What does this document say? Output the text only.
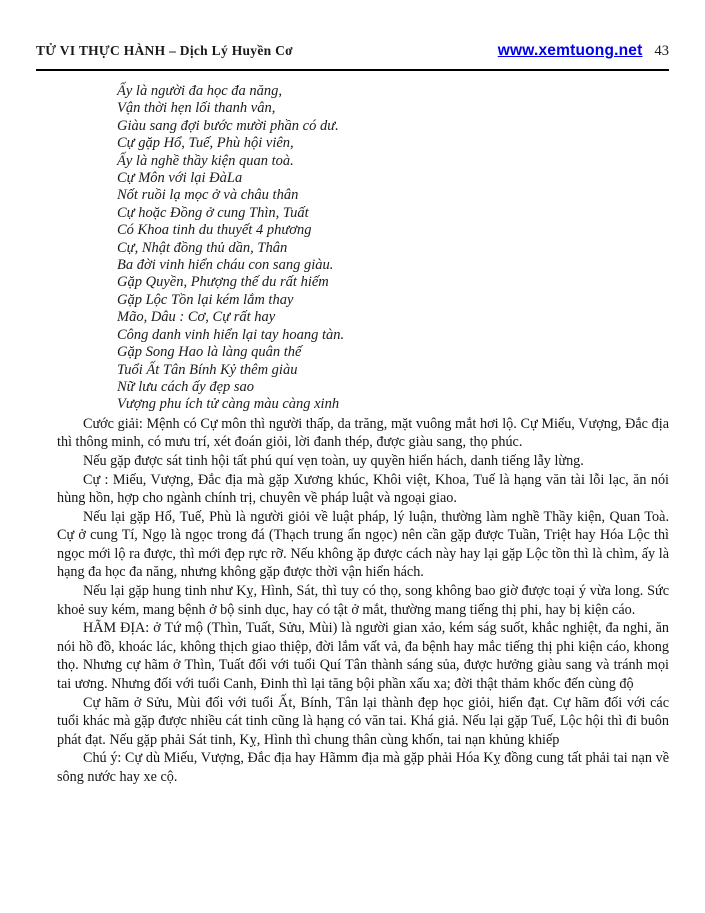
TỬ VI THỰC HÀNH – Dịch Lý Huyền Cơ	www.xemtuong.net 43
Ấy là người đa học đa năng,
Vận thời hẹn lối thanh vân,
Giàu sang đợi bước mười phần có dư.
Cự gặp Hổ, Tuế, Phù hội viên,
Ấy là nghề thầy kiện quan toà.
Cự Môn với lại ĐàLa
Nốt ruồi lạ mọc ở và châu thân
Cự hoặc Đồng ở cung Thìn, Tuất
Có Khoa tinh du thuyết 4 phương
Cự, Nhật đồng thủ dần, Thân
Ba đời vinh hiển cháu con sang giàu.
Gặp Quyền, Phượng thế du rất hiếm
Gặp Lộc Tồn lại kém lắm thay
Mão, Dâu : Cơ, Cự rất hay
Công danh vinh hiển lại tay hoang tàn.
Gặp Song Hao là làng quân thế
Tuổi Ất Tân Bính Kỷ thêm giàu
Nữ lưu cách ấy đẹp sao
Vượng phu ích tử càng màu càng xinh

Cước giải: Mệnh có Cự môn thì người thấp, da trăng, mặt vuông mắt hơi lộ. Cự Miếu, Vượng, Đắc địa thì thông minh, có mưu trí, xét đoán giỏi, lời đanh thép, được giàu sang, thọ phúc.

Nếu gặp được sát tinh hội tất phú quí vẹn toàn, uy quyền hiển hách, danh tiếng lẫy lừng.

Cự : Miếu, Vượng, Đắc địa mà gặp Xương khúc, Khôi việt, Khoa, Tuế là hạng văn tài lỗi lạc, ăn nói hùng hồn, hợp cho ngành chính trị, chuyên về pháp luật và ngoại giao.

Nếu lại gặp Hổ, Tuế, Phù là người giỏi về luật pháp, lý luận, thường làm nghề Thầy kiện, Quan Toà. Cự ở cung Tí, Ngọ là ngọc trong đá (Thạch trung ẩn ngọc) nên cần gặp được Tuần, Triệt hay Hóa Lộc thì ngọc mới lộ ra được, thì mới đẹp rực rỡ. Nếu không ặp được cách này hay lại gặp Lộc tồn thì là chìm, ấy là hạng đa học đa năng, nhưng không gặp được thời vận hiển hách.

Nếu lại gặp hung tinh như Kỵ, Hình, Sát, thì tuy có thọ, song không bao giờ được toại ý vừa long. Sức khoẻ suy kém, mang bệnh ở bộ sinh dục, hay có tật ở mắt, thường mang tiếng thị phi, hay bị kiện cáo.

HÃM ĐỊA: ở Tứ mộ (Thìn, Tuất, Sửu, Mùi) là người gian xảo, kém ság suốt, khắc nghiệt, đa nghi, ăn nói hồ đồ, khoác lác, không thịch giao thiệp, đời lắm vất vả, đa bệnh hay mắc tiếng thị phi kiện cáo, khong thọ. Nhưng cự hãm ở Thìn, Tuất đối với tuổi Quí Tân thành sáng sủa, được hưởng giàu sang và tránh mọi tai ương. Nhưng đối với tuổi Canh, Đinh thì lại tăng bội phần xấu xa; đời thật thảm khốc đến cùng độ

Cự hãm ở Sửu, Mùi đối với tuổi Ất, Bính, Tân lại thành đẹp học giỏi, hiển đạt. Cự hãm đối với các tuổi khác mà gặp được nhiều cát tinh cũng là hạng có văn tai. Khá giả. Nếu lại gặp Tuế, Lộc hội thì đi buôn phát đạt. Nếu gặp phải Sát tinh, Kỵ, Hình thì chung thân cùng khốn, tai nạn khủng khiếp

Chú ý: Cự dù Miếu, Vượng, Đắc địa hay Hãmm địa mà gặp phải Hóa Kỵ đồng cung tất phải tai nạn về sông nước hay xe cộ.
